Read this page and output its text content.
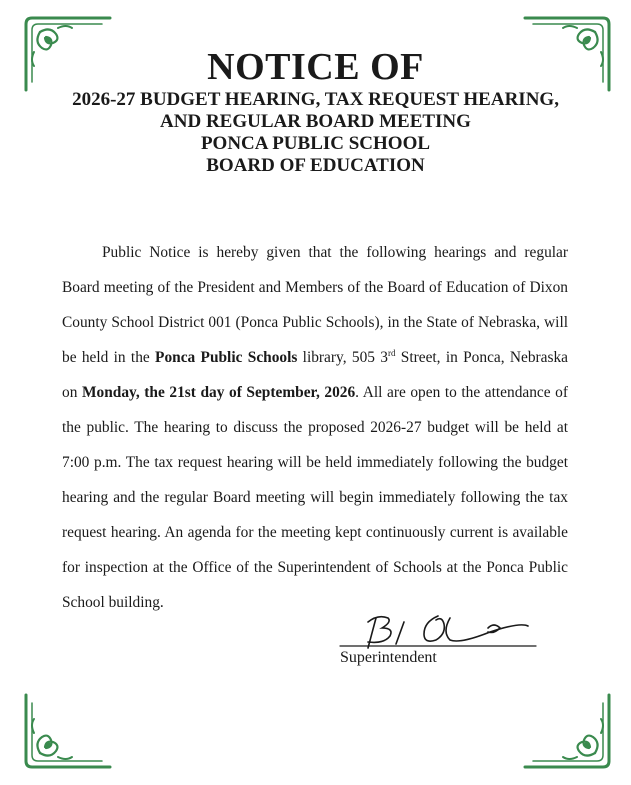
NOTICE OF
2026-27 BUDGET HEARING, TAX REQUEST HEARING,
AND REGULAR BOARD MEETING
PONCA PUBLIC SCHOOL
BOARD OF EDUCATION

Public Notice is hereby given that the following hearings and regular Board meeting of the President and Members of the Board of Education of Dixon County School District 001 (Ponca Public Schools), in the State of Nebraska, will be held in the Ponca Public Schools library, 505 3rd Street, in Ponca, Nebraska on Monday, the 21st day of September, 2026. All are open to the attendance of the public. The hearing to discuss the proposed 2026-27 budget will be held at 7:00 p.m. The tax request hearing will be held immediately following the budget hearing and the regular Board meeting will begin immediately following the tax request hearing. An agenda for the meeting kept continuously current is available for inspection at the Office of the Superintendent of Schools at the Ponca Public School building.

Superintendent
